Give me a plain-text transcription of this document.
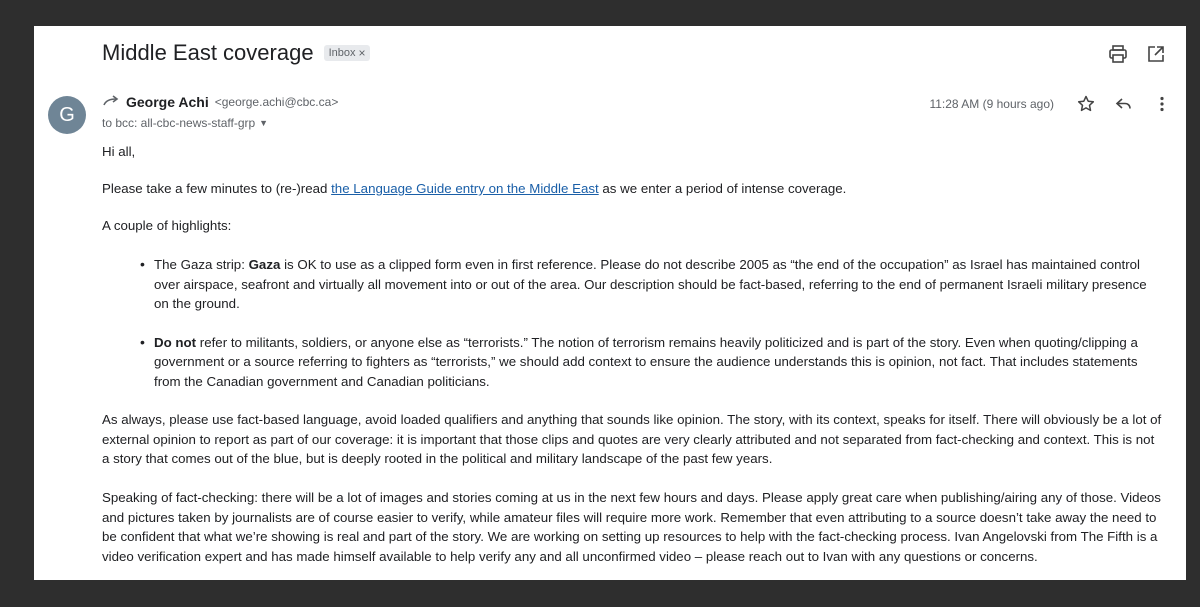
Middle East coverage Inbox ×
G
George Achi <george.achi@cbc.ca>
to bcc: all-cbc-news-staff-grp ▼
11:28 AM (9 hours ago)

Hi all,

Please take a few minutes to (re-)read the Language Guide entry on the Middle East as we enter a period of intense coverage.

A couple of highlights:

• The Gaza strip: Gaza is OK to use as a clipped form even in first reference. Please do not describe 2005 as “the end of the occupation” as Israel has maintained control over airspace, seafront and virtually all movement into or out of the area. Our description should be fact-based, referring to the end of permanent Israeli military presence on the ground.
• Do not refer to militants, soldiers, or anyone else as “terrorists.” The notion of terrorism remains heavily politicized and is part of the story. Even when quoting/clipping a government or a source referring to fighters as “terrorists,” we should add context to ensure the audience understands this is opinion, not fact. That includes statements from the Canadian government and Canadian politicians.

As always, please use fact-based language, avoid loaded qualifiers and anything that sounds like opinion. The story, with its context, speaks for itself. There will obviously be a lot of external opinion to report as part of our coverage: it is important that those clips and quotes are very clearly attributed and not separated from fact-checking and context. This is not a story that comes out of the blue, but is deeply rooted in the political and military landscape of the past few years.

Speaking of fact-checking: there will be a lot of images and stories coming at us in the next few hours and days. Please apply great care when publishing/airing any of those. Videos and pictures taken by journalists are of course easier to verify, while amateur files will require more work. Remember that even attributing to a source doesn’t take away the need to be confident that what we’re showing is real and part of the story. We are working on setting up resources to help with the fact-checking process. Ivan Angelovski from The Fifth is a video verification expert and has made himself available to help verify any and all unconfirmed video – please reach out to Ivan with any questions or concerns.
